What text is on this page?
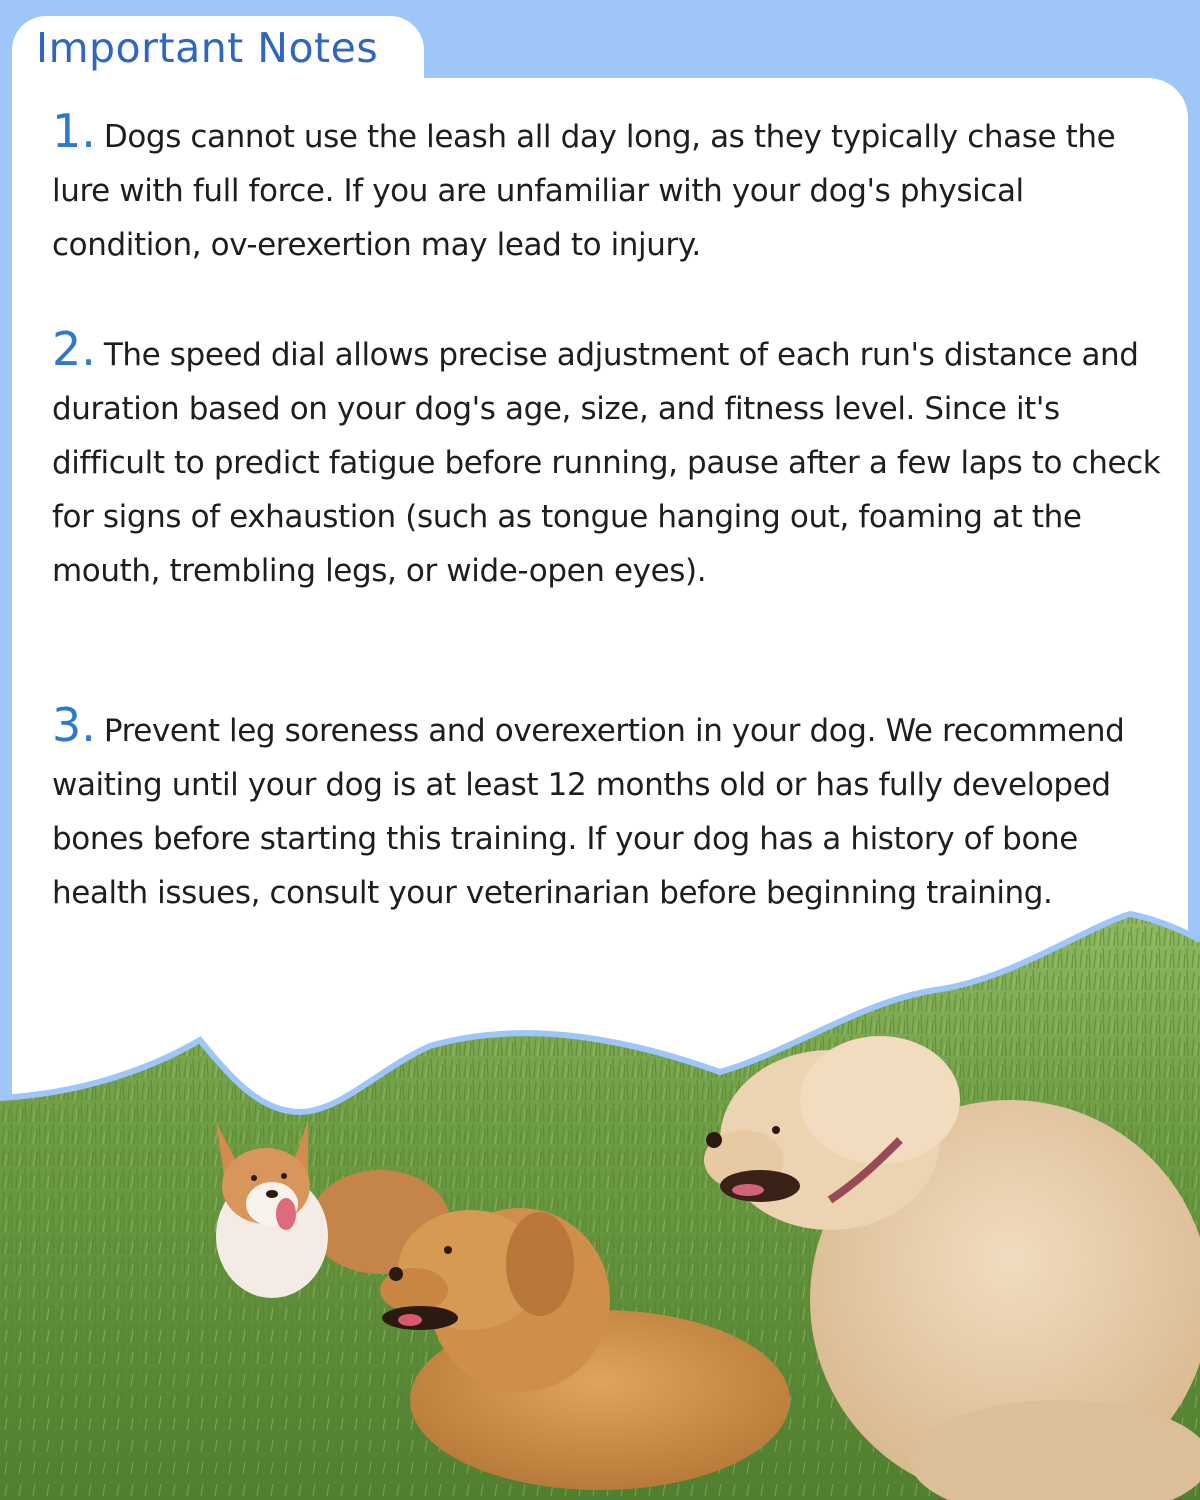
Important Notes

1. Dogs cannot use the leash all day long, as they typically chase the lure with full force. If you are unfamiliar with your dog's physical condition, ov-erexertion may lead to injury.

2. The speed dial allows precise adjustment of each run's distance and duration based on your dog's age, size, and fitness level. Since it's difficult to predict fatigue before running, pause after a few laps to check for signs of exhaustion (such as tongue hanging out, foaming at the mouth, trembling legs, or wide-open eyes).

3. Prevent leg soreness and overexertion in your dog. We recommend waiting until your dog is at least 12 months old or has fully developed bones before starting this training. If your dog has a history of bone health issues, consult your veterinarian before beginning training.
